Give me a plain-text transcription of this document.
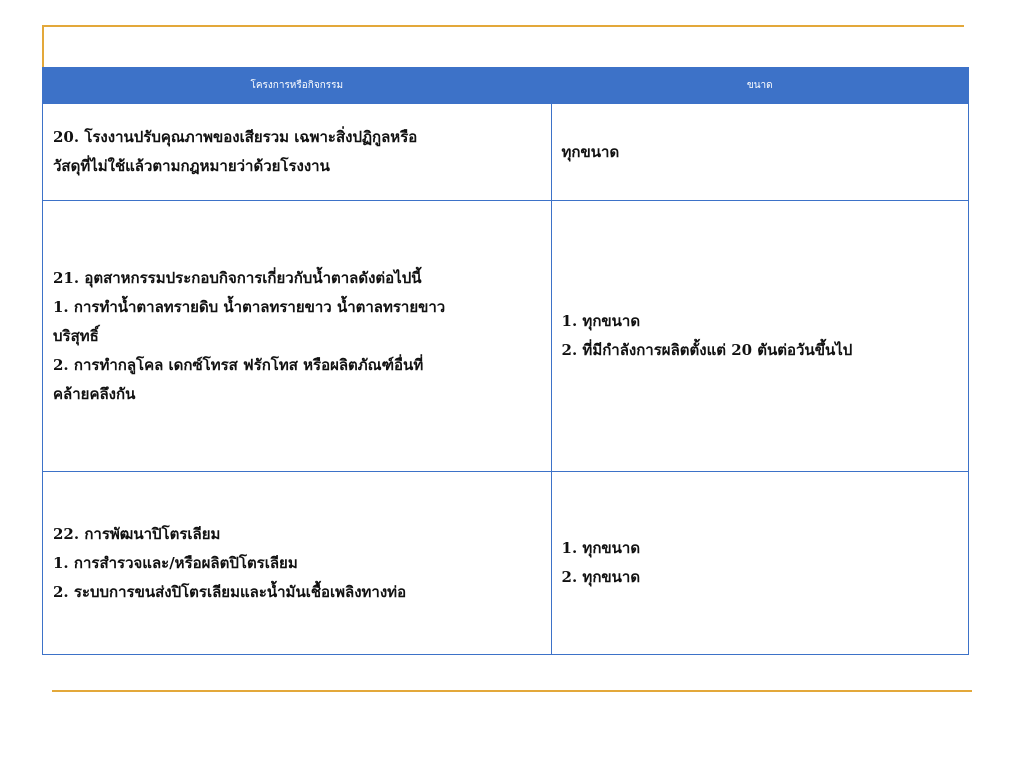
โครงการหรือกิจกรรม	ขนาด

20. โรงงานปรับคุณภาพของเสียรวม เฉพาะสิ่งปฏิกูลหรือ
วัสดุที่ไม่ใช้แล้วตามกฎหมายว่าด้วยโรงงาน	ทุกขนาด

21. อุตสาหกรรมประกอบกิจการเกี่ยวกับน้ำตาลดังต่อไปนี้
1. การทำน้ำตาลทรายดิบ น้ำตาลทรายขาว น้ำตาลทรายขาว
บริสุทธิ์
2. การทำกลูโคล เดกซ์โทรส ฟรักโทส หรือผลิตภัณฑ์อื่นที่
คล้ายคลึงกัน	1. ทุกขนาด
2. ที่มีกำลังการผลิตตั้งแต่ 20 ตันต่อวันขึ้นไป

22. การพัฒนาปิโตรเลียม
1. การสำรวจและ/หรือผลิตปิโตรเลียม
2. ระบบการขนส่งปิโตรเลียมและน้ำมันเชื้อเพลิงทางท่อ	1. ทุกขนาด
2. ทุกขนาด
